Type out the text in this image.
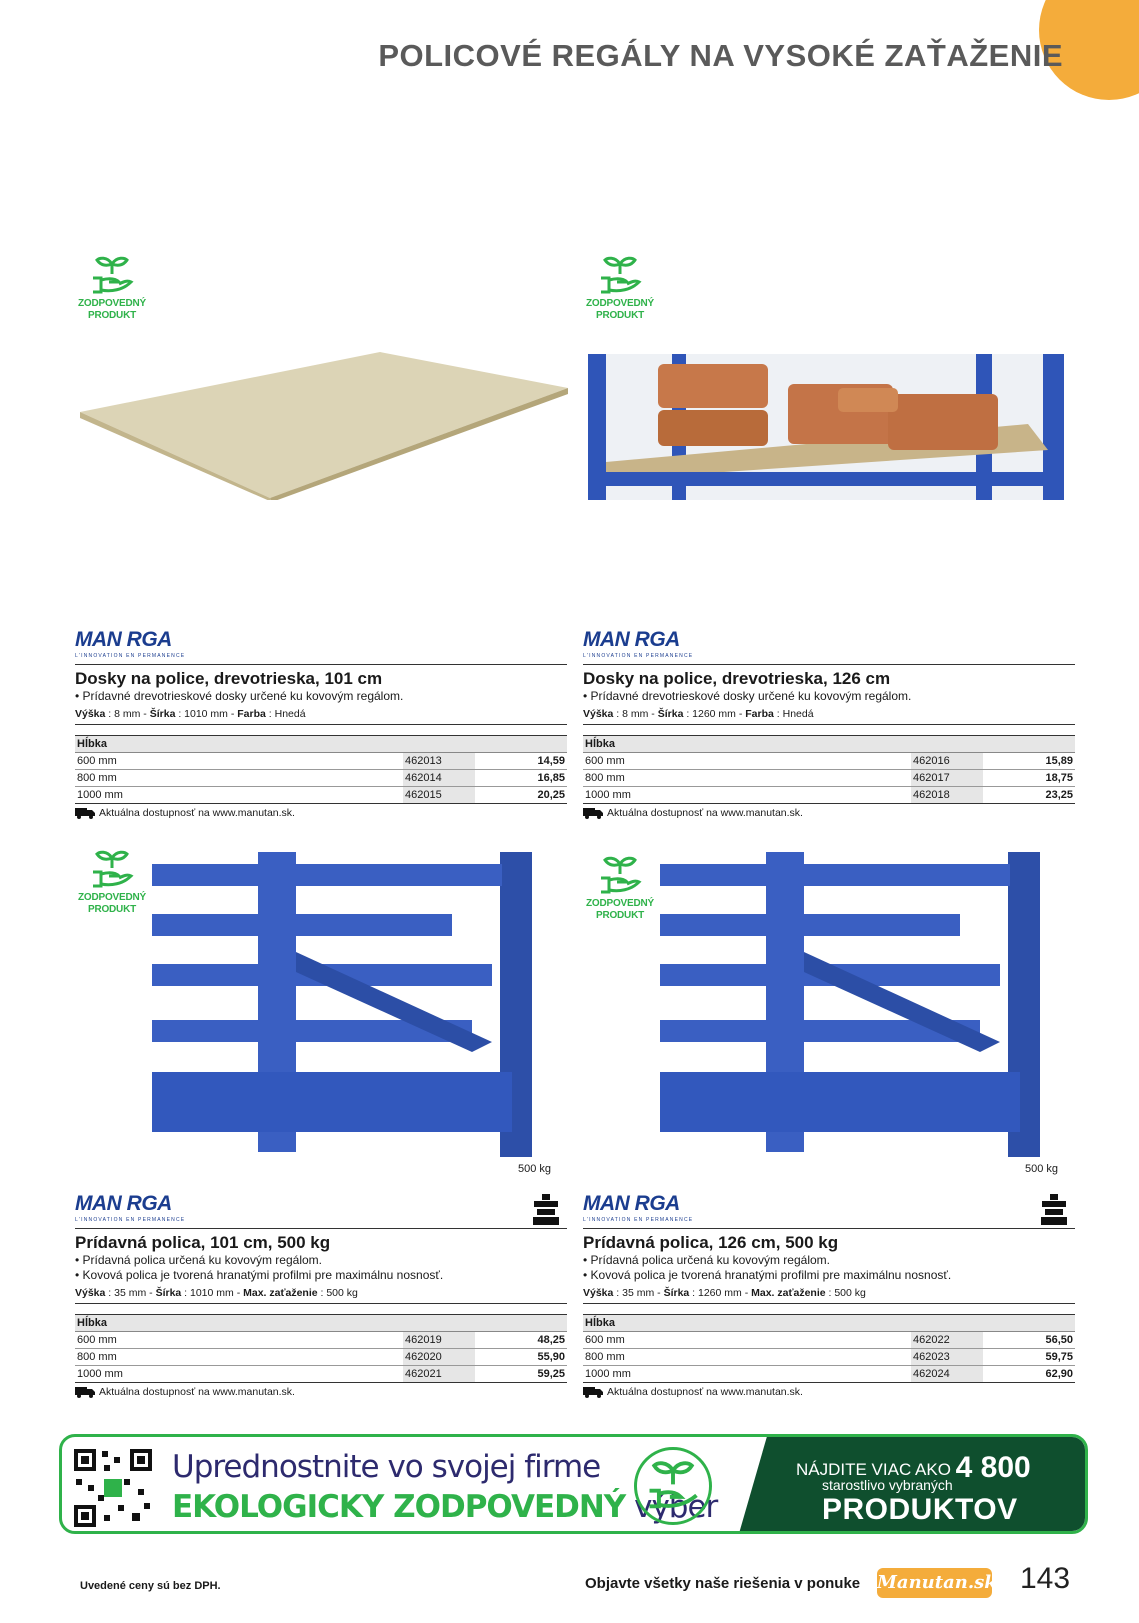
POLICOVÉ REGÁLY NA VYSOKÉ ZAŤAŽENIE
ZODPOVEDNÝ
PRODUKT
ZODPOVEDNÝ
PRODUKT
ZODPOVEDNÝ
PRODUKT
ZODPOVEDNÝ
PRODUKT
500 kg	500 kg
MAN RGA
L'INNOVATION EN PERMANENCE
Dosky na police, drevotrieska, 101 cm
• Prídavné drevotrieskové dosky určené ku kovovým regálom.
Výška : 8 mm - Šírka : 1010 mm - Farba : Hnedá
Hĺbka		
600 mm	462013	14,59
800 mm	462014	16,85
1000 mm	462015	20,25
Aktuálna dostupnosť na www.manutan.sk.
MAN RGA
L'INNOVATION EN PERMANENCE
Dosky na police, drevotrieska, 126 cm
• Prídavné drevotrieskové dosky určené ku kovovým regálom.
Výška : 8 mm - Šírka : 1260 mm - Farba : Hnedá
Hĺbka		
600 mm	462016	15,89
800 mm	462017	18,75
1000 mm	462018	23,25
Aktuálna dostupnosť na www.manutan.sk.
MAN RGA
L'INNOVATION EN PERMANENCE
Prídavná polica, 101 cm, 500 kg
• Prídavná polica určená ku kovovým regálom.
• Kovová polica je tvorená hranatými profilmi pre maximálnu nosnosť.
Výška : 35 mm - Šírka : 1010 mm - Max. zaťaženie : 500 kg
Hĺbka		
600 mm	462019	48,25
800 mm	462020	55,90
1000 mm	462021	59,25
Aktuálna dostupnosť na www.manutan.sk.
MAN RGA
L'INNOVATION EN PERMANENCE
Prídavná polica, 126 cm, 500 kg
• Prídavná polica určená ku kovovým regálom.
• Kovová polica je tvorená hranatými profilmi pre maximálnu nosnosť.
Výška : 35 mm - Šírka : 1260 mm - Max. zaťaženie : 500 kg
Hĺbka		
600 mm	462022	56,50
800 mm	462023	59,75
1000 mm	462024	62,90
Aktuálna dostupnosť na www.manutan.sk.
Uprednostnite vo svojej firme
EKOLOGICKY ZODPOVEDNÝ výber
NÁJDITE VIAC AKO 4 800
starostlivo vybraných
PRODUKTOV
Uvedené ceny sú bez DPH.	Objavte všetky naše riešenia v ponuke Manutan.sk 143
